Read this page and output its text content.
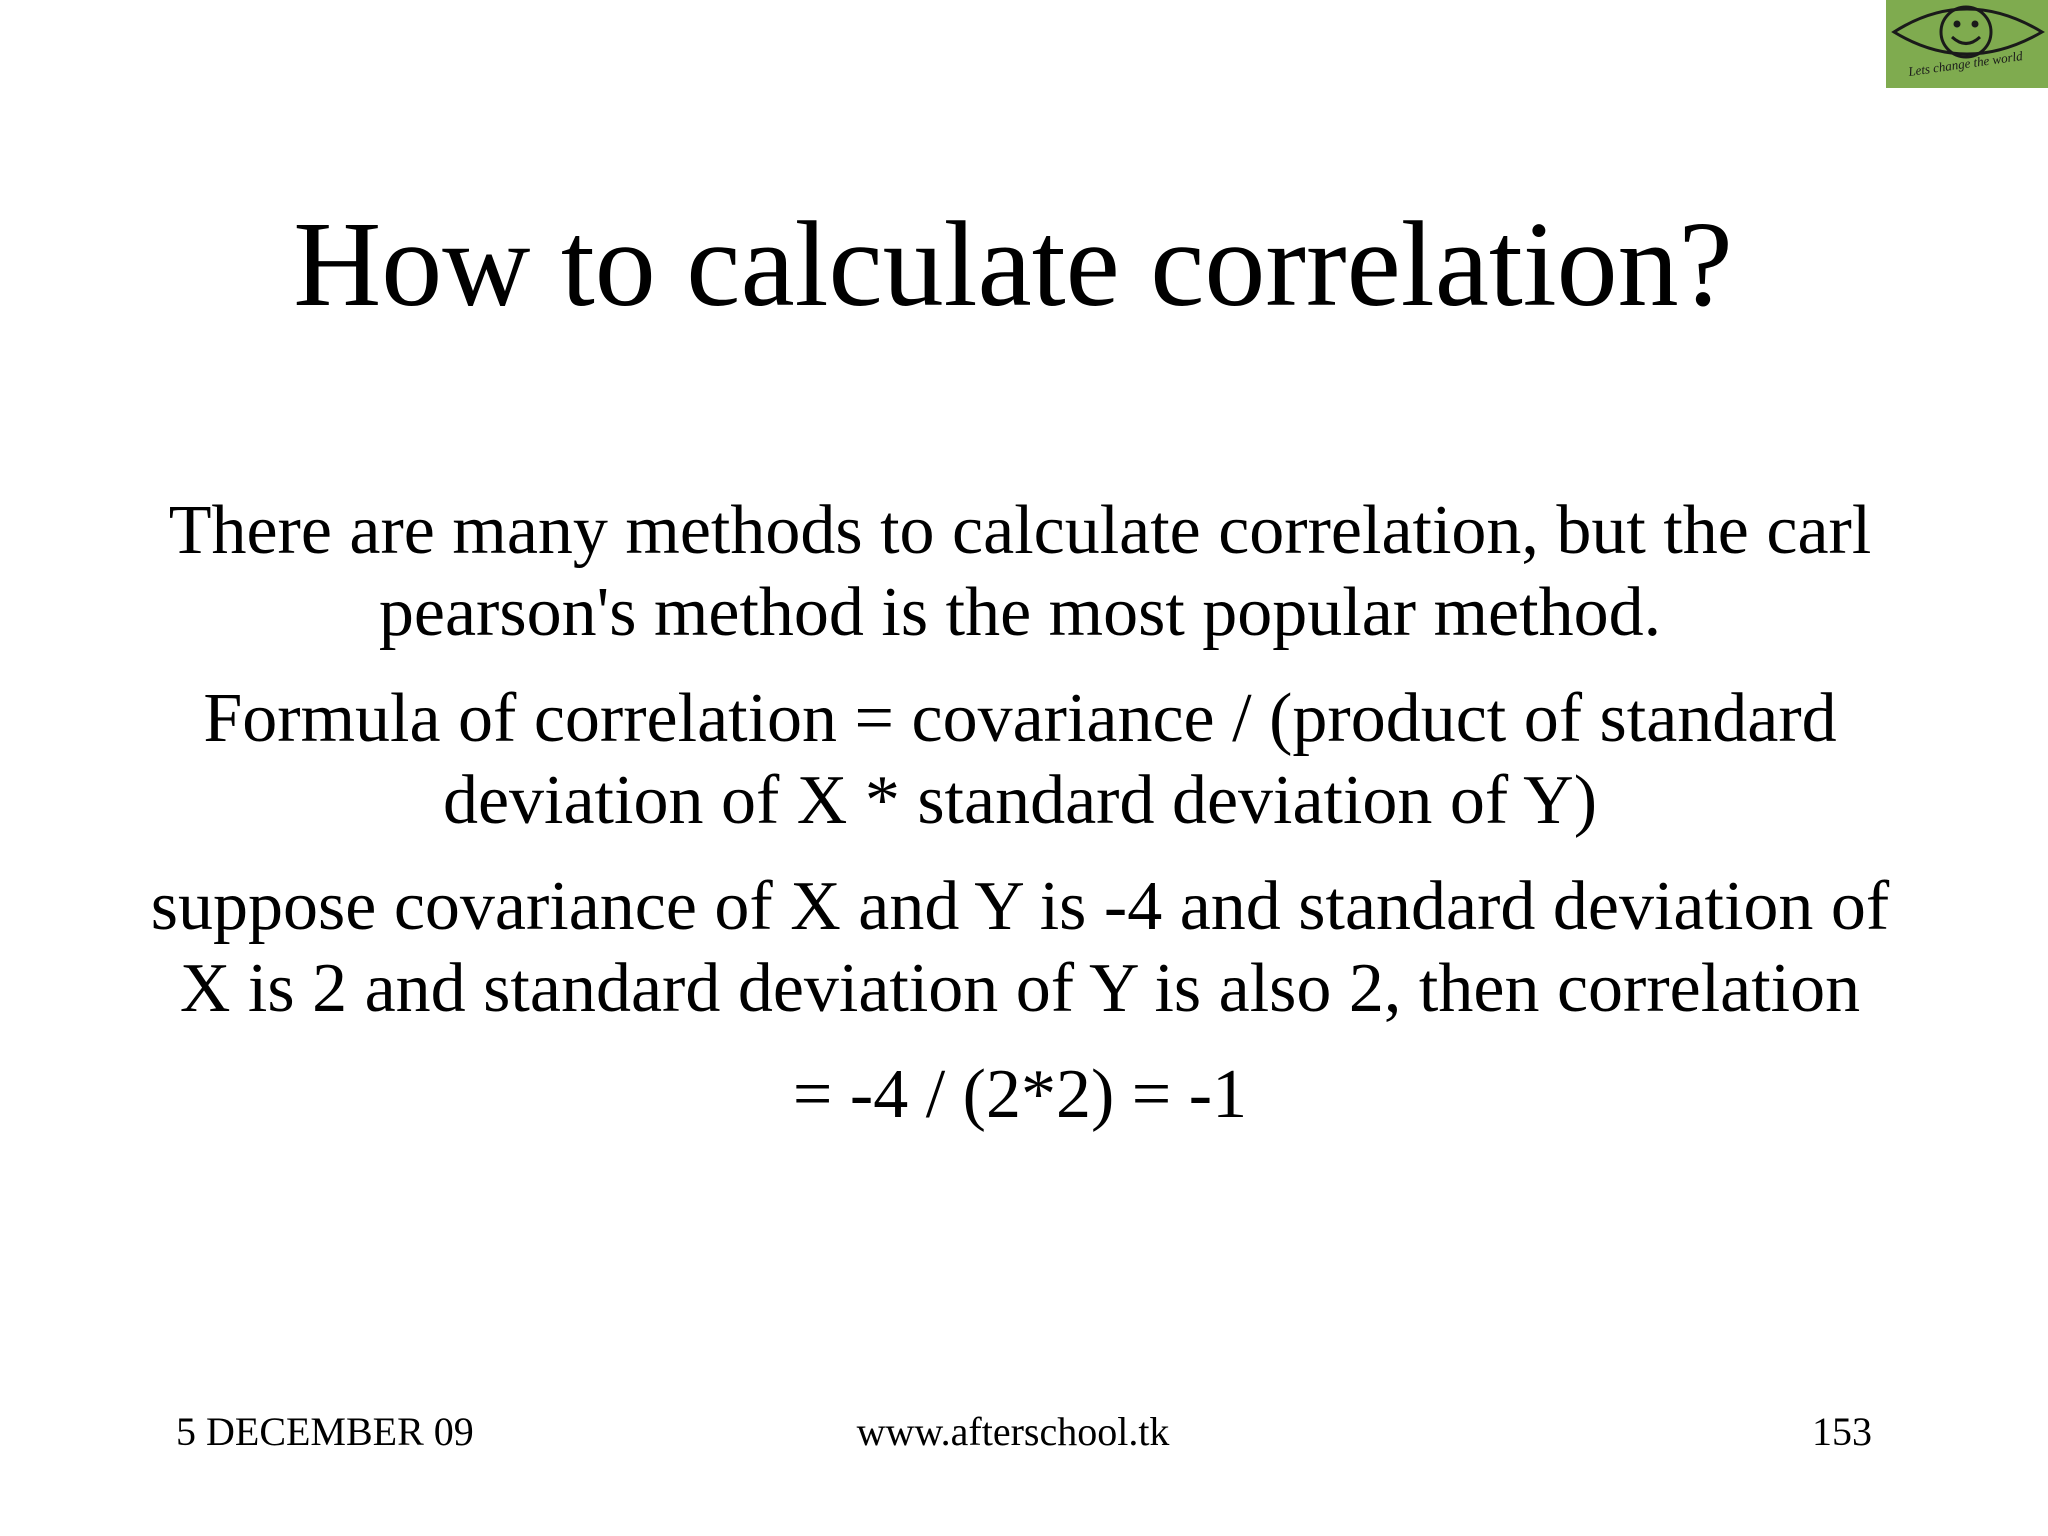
Lets change the world
How to calculate correlation?

There are many methods to calculate correlation, but the carl pearson's method is the most popular method.

Formula of correlation = covariance / (product of standard deviation of X * standard deviation of Y)

suppose covariance of X and Y is -4 and standard deviation of X is 2 and standard deviation of Y is also 2, then correlation

= -4 / (2*2) = -1

5 DECEMBER 09	www.afterschool.tk	153
